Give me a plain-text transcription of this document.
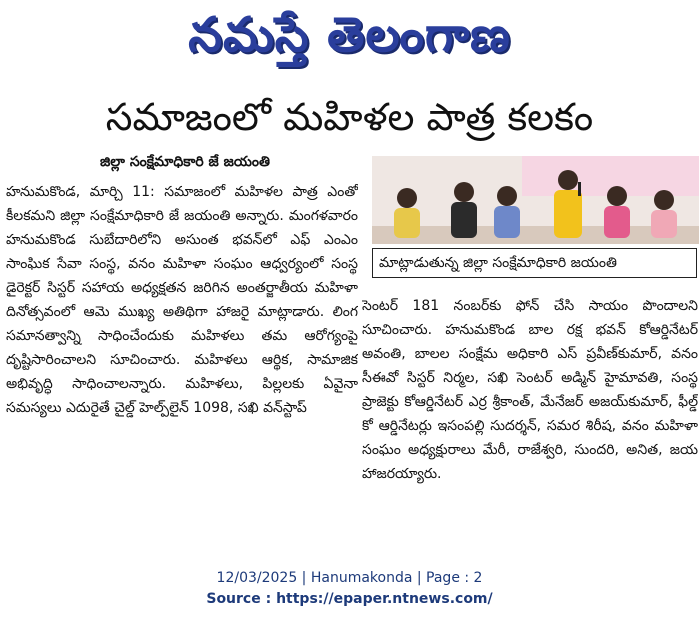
నమస్తే తెలంగాణ
సమాజంలో మహిళల పాత్ర కలకం
జిల్లా సంక్షేమాధికారి జే జయంతి
హనుమకొండ, మార్చి 11: సమాజంలో మహిళల పాత్ర ఎంతో కీలకమని జిల్లా సంక్షేమాధికారి జే జయంతి అన్నారు. మంగళవారం హనుమకొండ సుబేదారిలోని అసుంత భవన్‌లో ఎఫ్ ఎంఎం సాంఘిక సేవా సంస్థ, వనం మహిళా సంఘం ఆధ్వర్యంలో సంస్థ డైరెక్టర్ సిస్టర్ సహాయ అధ్యక్షతన జరిగిన అంతర్జాతీయ మహిళా దినోత్సవంలో ఆమె ముఖ్య అతిథిగా హాజరై మాట్లాడారు. లింగ సమానత్వాన్ని సాధించేందుకు మహిళలు తమ ఆరోగ్యంపై దృష్టిసారించాలని సూచించారు. మహిళలు ఆర్థిక, సామాజిక అభివృద్ధి సాధించాలన్నారు. మహిళలు, పిల్లలకు ఏవైనా సమస్యలు ఎదురైతే చైల్డ్ హెల్ప్‌లైన్ 1098, సఖి వన్‌స్టాప్
మాట్లాడుతున్న జిల్లా సంక్షేమాధికారి జయంతి
సెంటర్ 181 నంబర్‌కు ఫోన్ చేసి సాయం పొందాలని సూచించారు. హనుమకొండ బాల రక్ష భవన్ కోఆర్డినేటర్ అవంతి, బాలల సంక్షేమ అధికారి ఎస్ ప్రవీణ్‌కుమార్, వనం సీఈవో సిస్టర్ నిర్మల, సఖి సెంటర్ అడ్మిన్ హైమావతి, సంస్థ ప్రాజెక్టు కోఆర్డినేటర్ ఎర్ర శ్రీకాంత్, మేనేజర్ అజయ్‌కుమార్, ఫీల్డ్ కో ఆర్డినేటర్లు ఇసంపల్లి సుదర్శన్, సమర శిరీష, వనం మహిళా సంఘం అధ్యక్షురాలు మేరీ, రాజేశ్వరి, సుందరి, అనిత, జయ హాజరయ్యారు.
12/03/2025 | Hanumakonda | Page : 2
Source : https://epaper.ntnews.com/
